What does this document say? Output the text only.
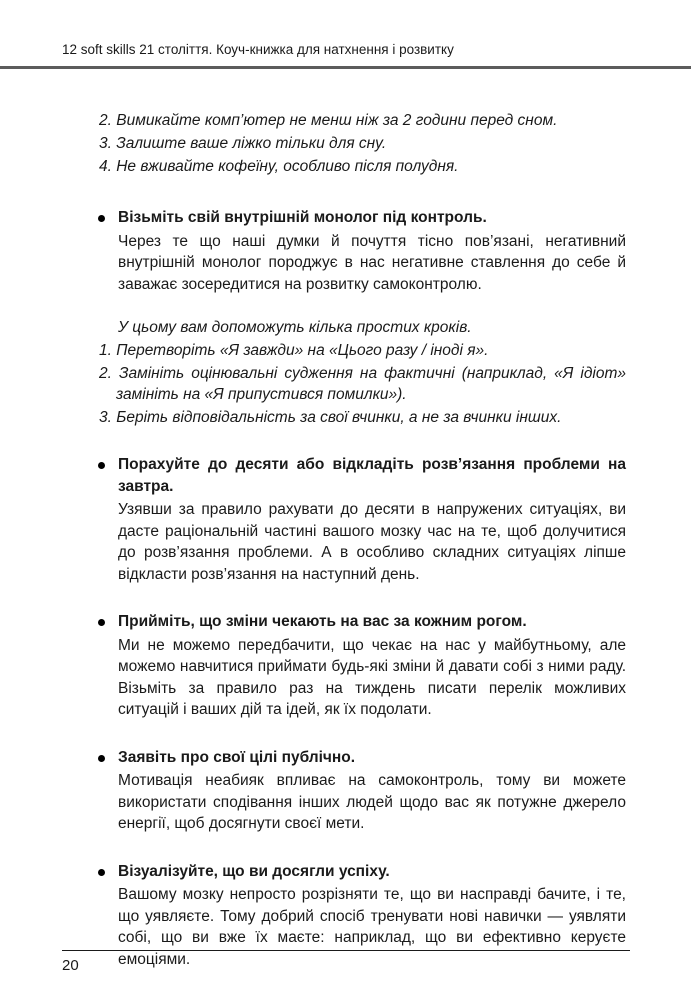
12 soft skills 21 століття. Коуч-книжка для натхнення і розвитку
2. Вимикайте комп’ютер не менш ніж за 2 години перед сном.
3. Залиште ваше ліжко тільки для сну.
4. Не вживайте кофеїну, особливо після полудня.

Візьміть свій внутрішній монолог під контроль.

Через те що наші думки й почуття тісно пов’язані, негативний внутрішній монолог породжує в нас негативне ставлення до себе й заважає зосередитися на розвитку самоконтролю.

У цьому вам допоможуть кілька простих кроків.

1. Перетворіть «Я завжди» на «Цього разу / іноді я».
2. Замініть оцінювальні судження на фактичні (наприклад, «Я ідіот» замініть на «Я припустився помилки»).
3. Беріть відповідальність за свої вчинки, а не за вчинки інших.

Порахуйте до десяти або відкладіть розв’язання проблеми на завтра.

Узявши за правило рахувати до десяти в напружених ситуаціях, ви дасте раціональній частині вашого мозку час на те, щоб долучитися до розв’язання проблеми. А в особливо складних ситуаціях ліпше відкласти розв’язання на наступний день.

Прийміть, що зміни чекають на вас за кожним рогом.

Ми не можемо передбачити, що чекає на нас у майбутньому, але можемо навчитися приймати будь-які зміни й давати собі з ними раду. Візьміть за правило раз на тиждень писати перелік можливих ситуацій і ваших дій та ідей, як їх подолати.

Заявіть про свої цілі публічно.

Мотивація неабияк впливає на самоконтроль, тому ви можете використати сподівання інших людей щодо вас як потужне джерело енергії, щоб досягнути своєї мети.

Візуалізуйте, що ви досягли успіху.

Вашому мозку непросто розрізняти те, що ви насправді бачите, і те, що уявляєте. Тому добрий спосіб тренувати нові навички — уявляти собі, що ви вже їх маєте: наприклад, що ви ефективно керуєте емоціями.

20
